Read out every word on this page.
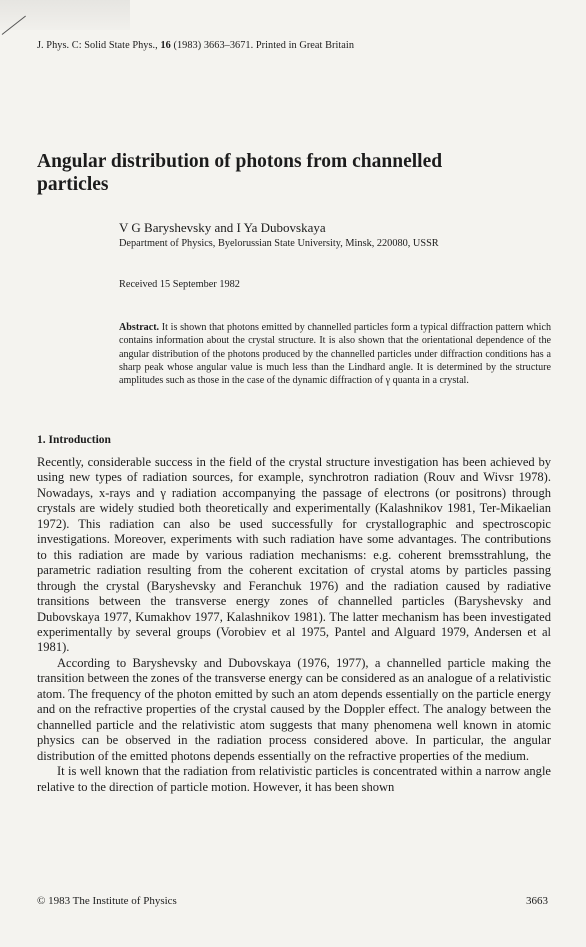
J. Phys. C: Solid State Phys., 16 (1983) 3663–3671. Printed in Great Britain
Angular distribution of photons from channelled particles
V G Baryshevsky and I Ya Dubovskaya
Department of Physics, Byelorussian State University, Minsk, 220080, USSR
Received 15 September 1982

Abstract. It is shown that photons emitted by channelled particles form a typical diffraction pattern which contains information about the crystal structure. It is also shown that the orientational dependence of the angular distribution of the photons produced by the channelled particles under diffraction conditions has a sharp peak whose angular value is much less than the Lindhard angle. It is determined by the structure amplitudes such as those in the case of the dynamic diffraction of γ quanta in a crystal.

1. Introduction

Recently, considerable success in the field of the crystal structure investigation has been achieved by using new types of radiation sources, for example, synchrotron radiation (Rouv and Wivsr 1978). Nowadays, x-rays and γ radiation accompanying the passage of electrons (or positrons) through crystals are widely studied both theoretically and experimentally (Kalashnikov 1981, Ter-Mikaelian 1972). This radiation can also be used successfully for crystallographic and spectroscopic investigations. Moreover, experiments with such radiation have some advantages. The contributions to this radiation are made by various radiation mechanisms: e.g. coherent bremsstrahlung, the parametric radiation resulting from the coherent excitation of crystal atoms by particles passing through the crystal (Baryshevsky and Feranchuk 1976) and the radiation caused by radiative transitions between the transverse energy zones of channelled particles (Baryshevsky and Dubovskaya 1977, Kumakhov 1977, Kalashnikov 1981). The latter mechanism has been investigated experimentally by several groups (Vorobiev et al 1975, Pantel and Alguard 1979, Andersen et al 1981).

According to Baryshevsky and Dubovskaya (1976, 1977), a channelled particle making the transition between the zones of the transverse energy can be considered as an analogue of a relativistic atom. The frequency of the photon emitted by such an atom depends essentially on the particle energy and on the refractive properties of the crystal caused by the Doppler effect. The analogy between the channelled particle and the relativistic atom suggests that many phenomena well known in atomic physics can be observed in the radiation process considered above. In particular, the angular distribution of the emitted photons depends essentially on the refractive properties of the medium.

It is well known that the radiation from relativistic particles is concentrated within a narrow angle relative to the direction of particle motion. However, it has been shown

© 1983 The Institute of Physics	3663
